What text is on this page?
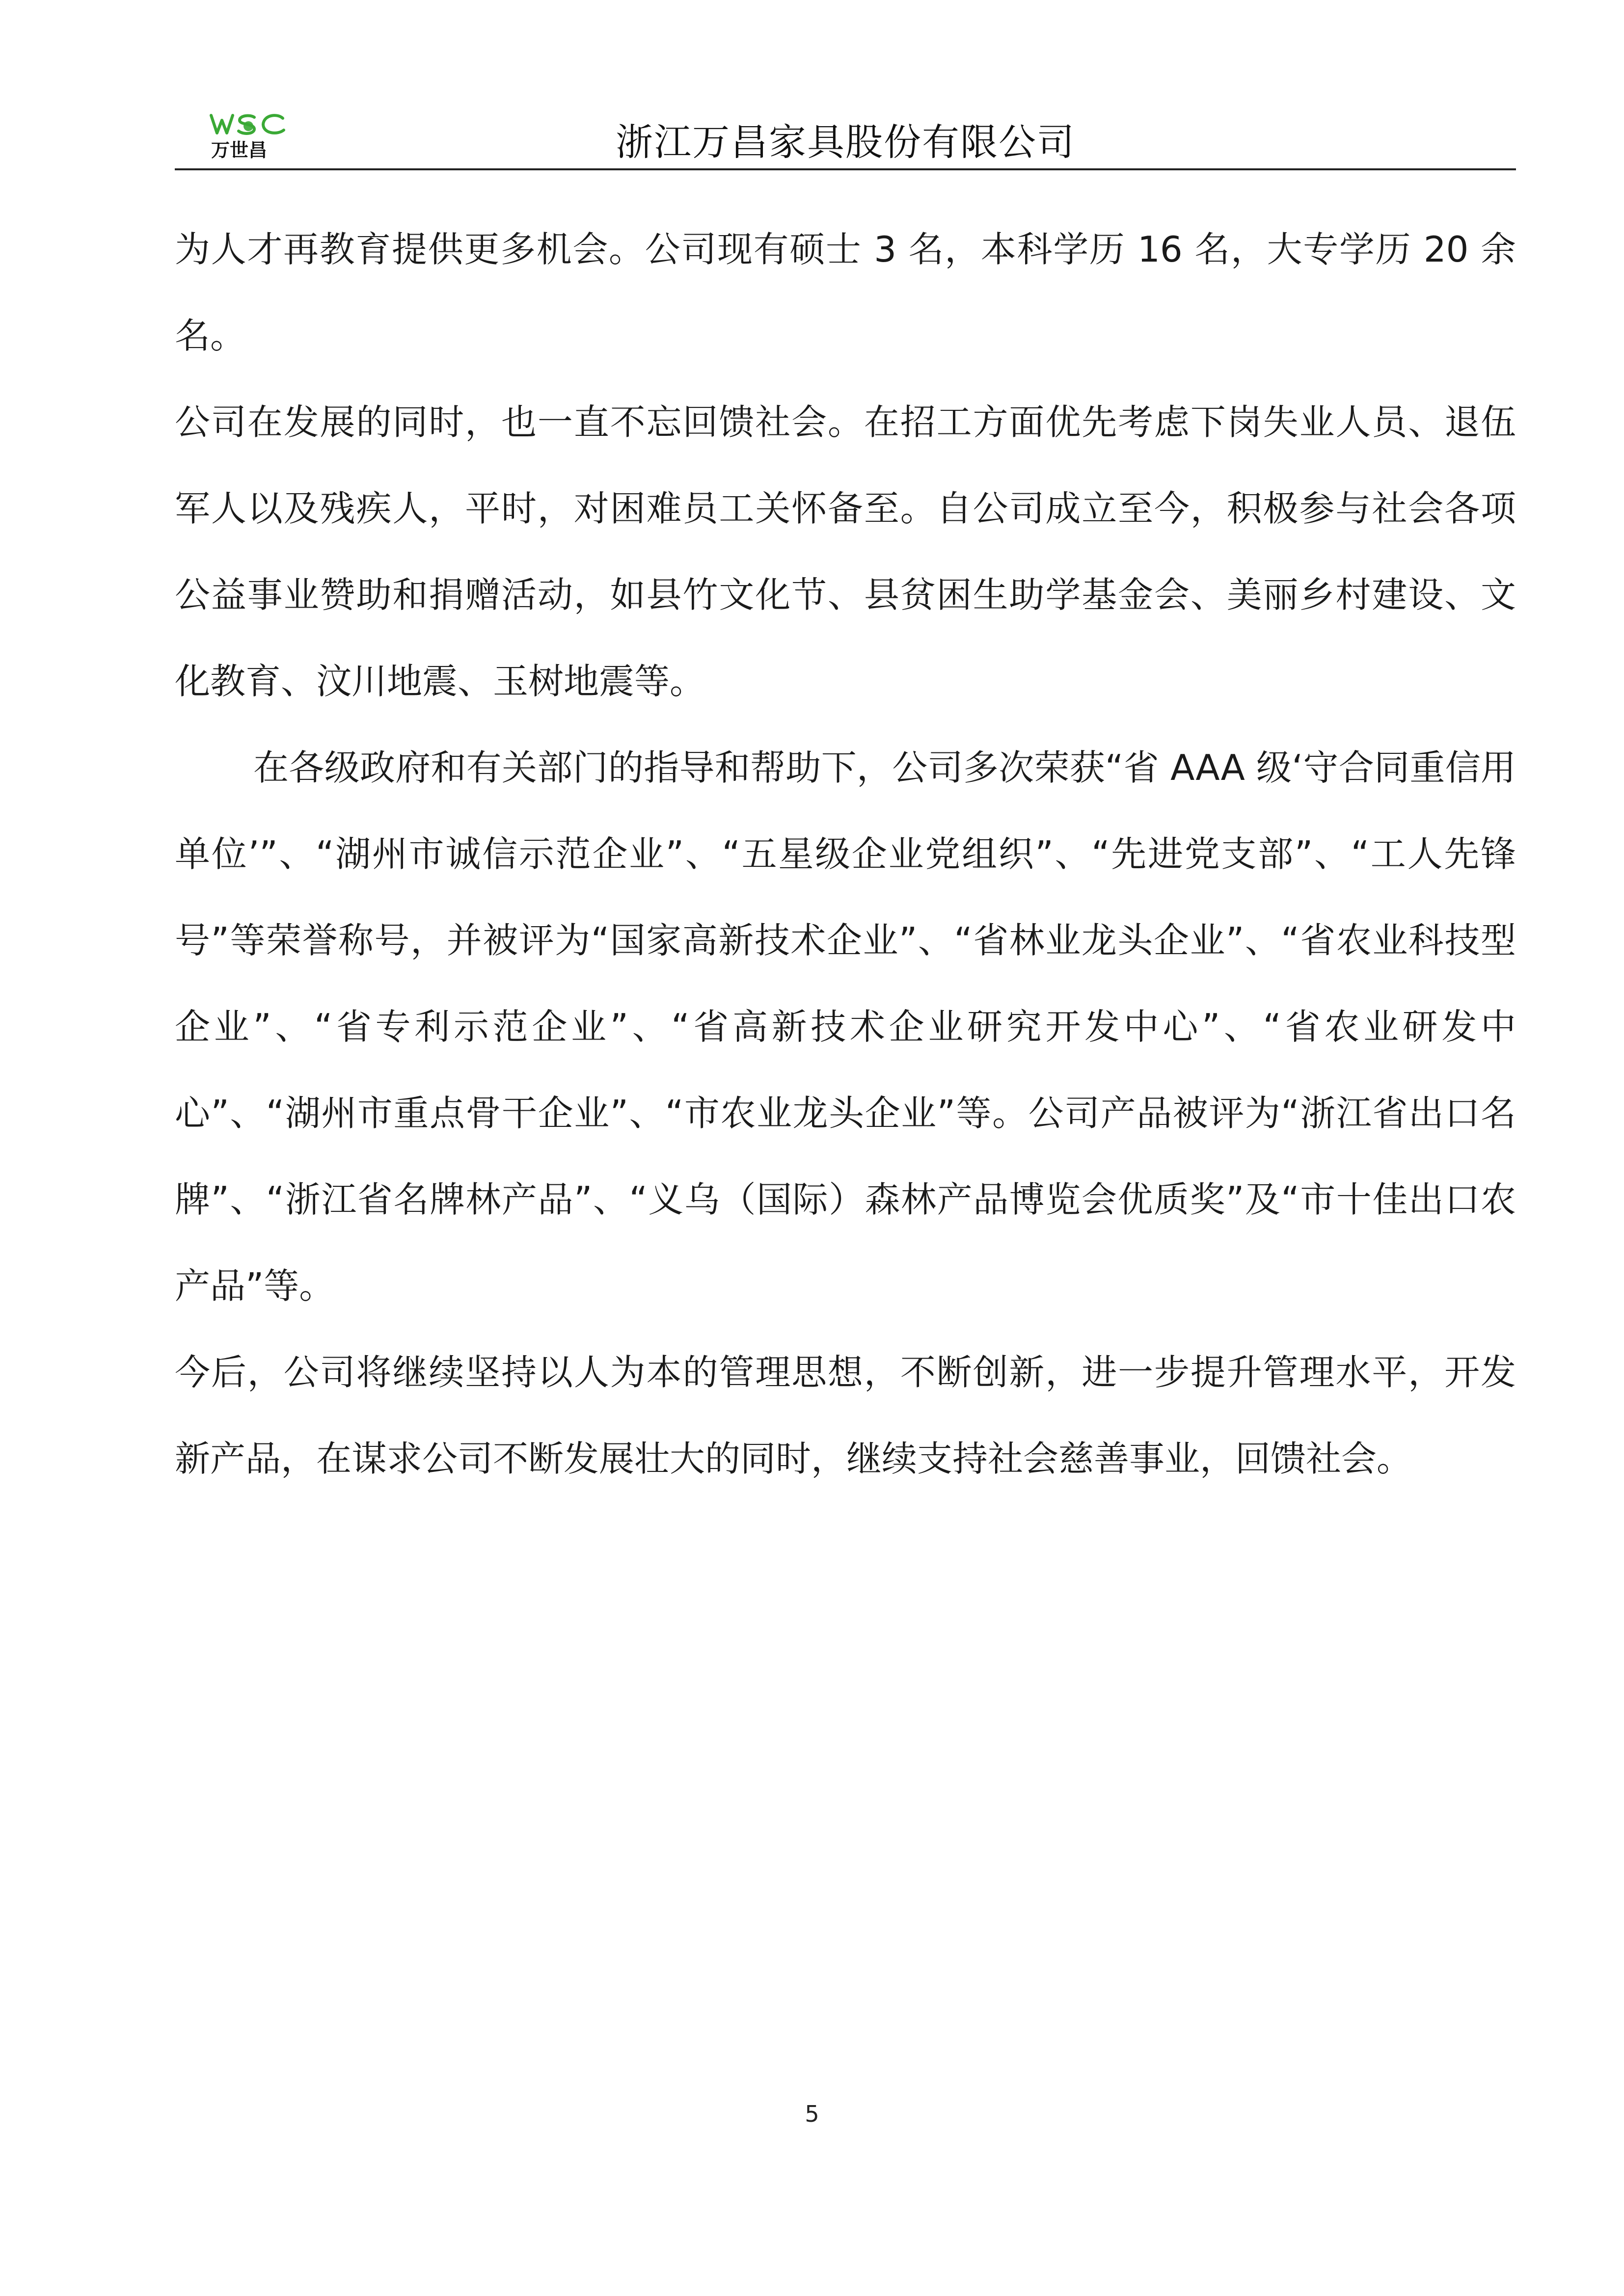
万世昌	浙江万昌家具股份有限公司

为人才再教育提供更多机会。公司现有硕士 3 名，本科学历 16 名，大专学历 20 余名。

公司在发展的同时，也一直不忘回馈社会。在招工方面优先考虑下岗失业人员、退伍军人以及残疾人，平时，对困难员工关怀备至。自公司成立至今，积极参与社会各项公益事业赞助和捐赠活动，如县竹文化节、县贫困生助学基金会、美丽乡村建设、文化教育、汶川地震、玉树地震等。

在各级政府和有关部门的指导和帮助下，公司多次荣获“省 AAA 级‘守合同重信用单位’”、“湖州市诚信示范企业”、“五星级企业党组织”、“先进党支部”、“工人先锋号”等荣誉称号，并被评为“国家高新技术企业”、“省林业龙头企业”、“省农业科技型企业”、“省专利示范企业”、“省高新技术企业研究开发中心”、“省农业研发中心”、“湖州市重点骨干企业”、“市农业龙头企业”等。公司产品被评为“浙江省出口名牌”、“浙江省名牌林产品”、“义乌（国际）森林产品博览会优质奖”及“市十佳出口农产品”等。

今后，公司将继续坚持以人为本的管理思想，不断创新，进一步提升管理水平，开发新产品，在谋求公司不断发展壮大的同时，继续支持社会慈善事业，回馈社会。

5
